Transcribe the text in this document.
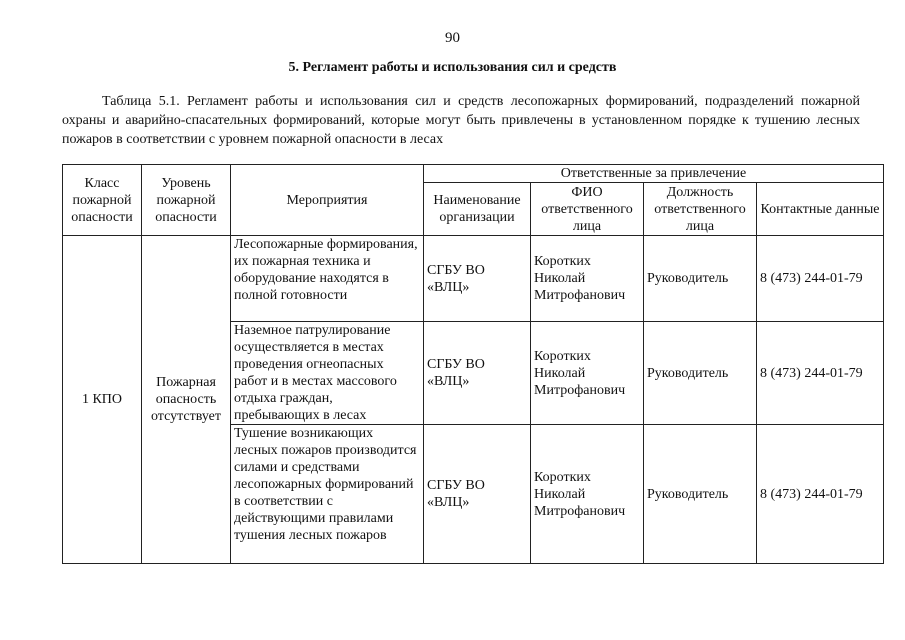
90
5. Регламент работы и использования сил и средств
Таблица 5.1. Регламент работы и использования сил и средств лесопожарных формирований, подразделений пожарной охраны и аварийно-спасательных формирований, которые могут быть привлечены в установленном порядке к тушению лесных пожаров в соответствии с уровнем пожарной опасности в лесах
Класс пожарной опасности	Уровень пожарной опасности	Мероприятия	Ответственные за привлечение			
			Наименование организации	ФИО ответственного лица	Должность ответственного лица	Контактные данные
1 КПО	Пожарная опасность отсутствует	Лесопожарные формирования, их пожарная техника и оборудование находятся в полной готовности	СГБУ ВО «ВЛЦ»	Коротких Николай Митрофанович	Руководитель	8 (473) 244-01-79
		Наземное патрулирование осуществляется в местах проведения огнеопасных работ и в местах массового отдыха граждан, пребывающих в лесах	СГБУ ВО «ВЛЦ»	Коротких Николай Митрофанович	Руководитель	8 (473) 244-01-79
		Тушение возникающих лесных пожаров производится силами и средствами лесопожарных формирований в соответствии с действующими правилами тушения лесных пожаров	СГБУ ВО «ВЛЦ»	Коротких Николай Митрофанович	Руководитель	8 (473) 244-01-79
